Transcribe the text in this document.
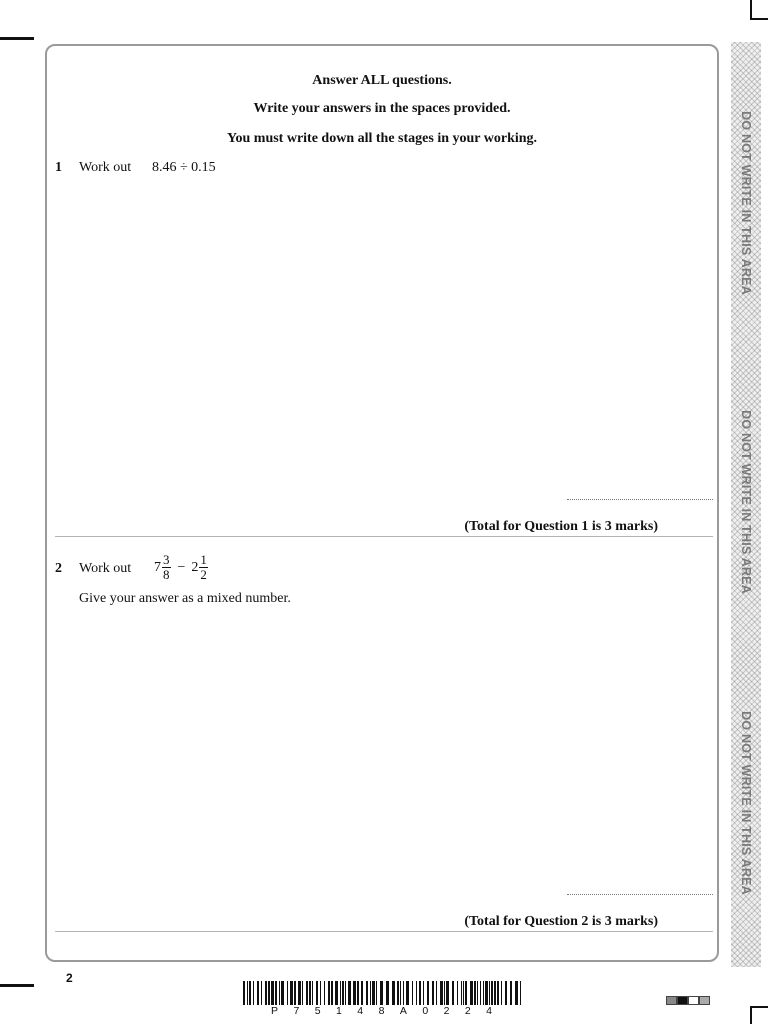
DO NOT WRITE IN THIS AREA
DO NOT WRITE IN THIS AREA
DO NOT WRITE IN THIS AREA
Answer ALL questions.
Write your answers in the spaces provided.
You must write down all the stages in your working.
1 Work out 8.46 ÷ 0.15
(Total for Question 1 is 3 marks)
2 Work out $7 \frac{3}{8} - 2 \frac{1}{2}$
Give your answer as a mixed number.
(Total for Question 2 is 3 marks)
2
P 7 5 1 4 8 A 0 2 2 4
